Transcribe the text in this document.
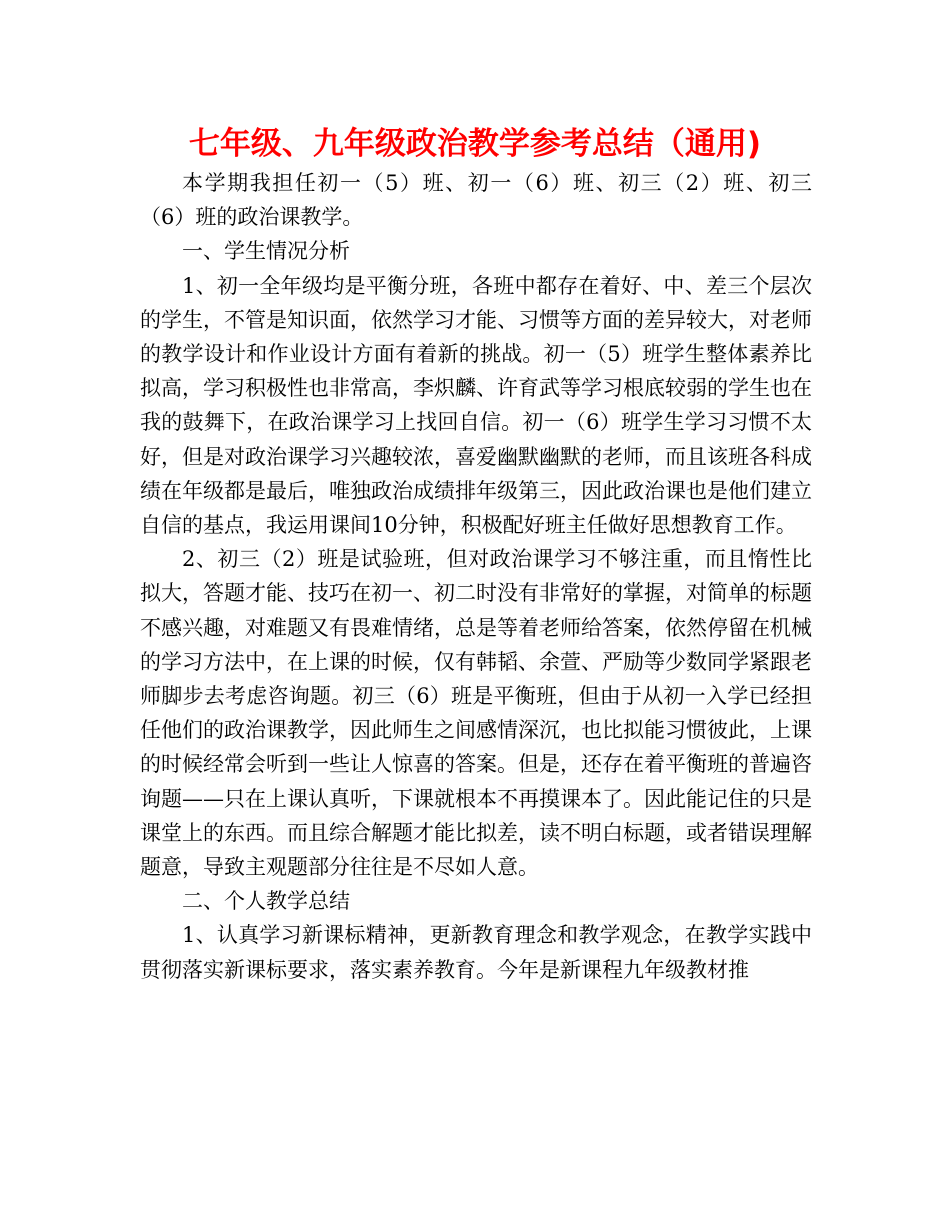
七年级、九年级政治教学参考总结（通用)

本学期我担任初一（5）班、初一（6）班、初三（2）班、初三（6）班的政治课教学。

一、学生情况分析

1、初一全年级均是平衡分班，各班中都存在着好、中、差三个层次的学生，不管是知识面，依然学习才能、习惯等方面的差异较大，对老师的教学设计和作业设计方面有着新的挑战。初一（5）班学生整体素养比拟高，学习积极性也非常高，李炽麟、许育武等学习根底较弱的学生也在我的鼓舞下，在政治课学习上找回自信。初一（6）班学生学习习惯不太好，但是对政治课学习兴趣较浓，喜爱幽默幽默的老师，而且该班各科成绩在年级都是最后，唯独政治成绩排年级第三，因此政治课也是他们建立自信的基点，我运用课间10分钟，积极配好班主任做好思想教育工作。

2、初三（2）班是试验班，但对政治课学习不够注重，而且惰性比拟大，答题才能、技巧在初一、初二时没有非常好的掌握，对简单的标题不感兴趣，对难题又有畏难情绪，总是等着老师给答案，依然停留在机械的学习方法中，在上课的时候，仅有韩韬、余萱、严励等少数同学紧跟老师脚步去考虑咨询题。初三（6）班是平衡班，但由于从初一入学已经担任他们的政治课教学，因此师生之间感情深沉，也比拟能习惯彼此，上课的时候经常会听到一些让人惊喜的答案。但是，还存在着平衡班的普遍咨询题——只在上课认真听，下课就根本不再摸课本了。因此能记住的只是课堂上的东西。而且综合解题才能比拟差，读不明白标题，或者错误理解题意，导致主观题部分往往是不尽如人意。

二、个人教学总结

1、认真学习新课标精神，更新教育理念和教学观念，在教学实践中贯彻落实新课标要求，落实素养教育。今年是新课程九年级教材推
